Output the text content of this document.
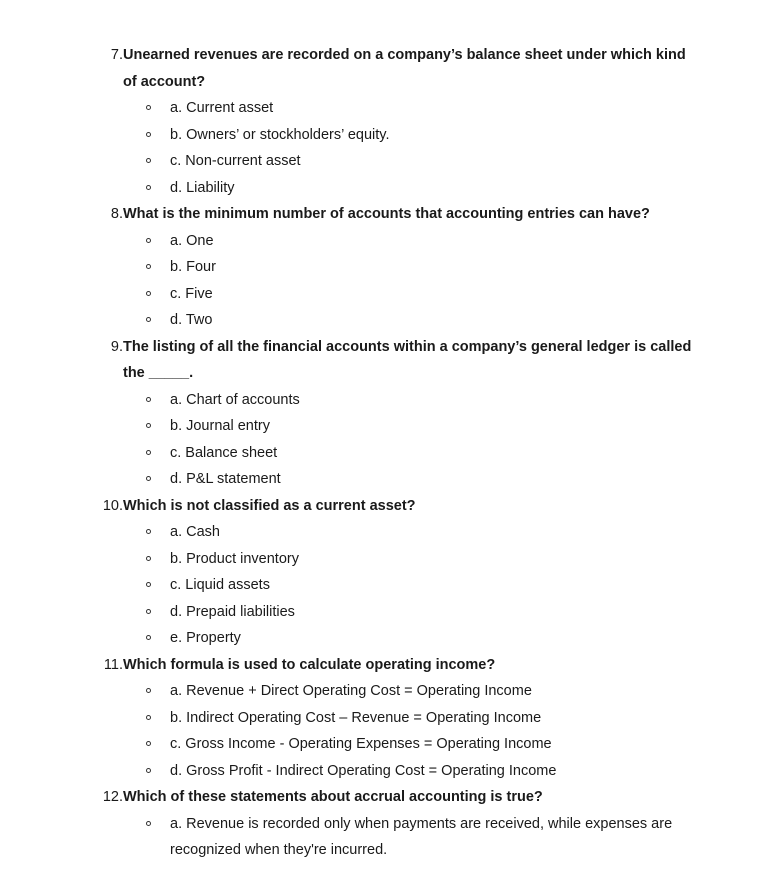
7. Unearned revenues are recorded on a company’s balance sheet under which kind
of account?
a. Current asset
b. Owners’ or stockholders’ equity.
c. Non-current asset
d. Liability
8. What is the minimum number of accounts that accounting entries can have?
a. One
b. Four
c. Five
d. Two
9. The listing of all the financial accounts within a company’s general ledger is called
the _____.
a. Chart of accounts
b. Journal entry
c. Balance sheet
d. P&L statement
10. Which is not classified as a current asset?
a. Cash
b. Product inventory
c. Liquid assets
d. Prepaid liabilities
e. Property
11. Which formula is used to calculate operating income?
a. Revenue + Direct Operating Cost = Operating Income
b. Indirect Operating Cost – Revenue = Operating Income
c. Gross Income - Operating Expenses = Operating Income
d. Gross Profit - Indirect Operating Cost = Operating Income
12. Which of these statements about accrual accounting is true?
a. Revenue is recorded only when payments are received, while expenses are
recognized when they're incurred.
